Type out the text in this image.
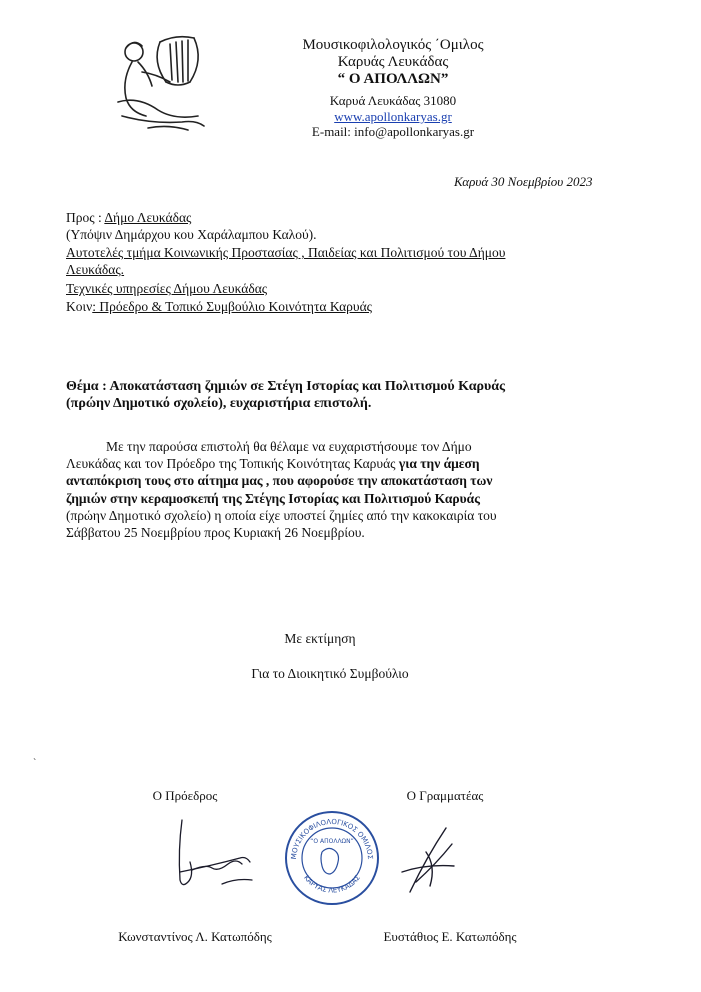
Μουσικοφιλολογικός ΄Ομιλος
Καρυάς Λευκάδας
“ Ο ΑΠΟΛΛΩΝ”
Καρυά Λευκάδας 31080
www.apollonkaryas.gr
E-mail: info@apollonkaryas.gr
Καρυά 30 Νοεμβρίου 2023
Προς : Δήμο Λευκάδας
(Υπόψιν Δημάρχου κου Χαράλαμπου Καλού).
Αυτοτελές τμήμα Κοινωνικής Προστασίας , Παιδείας και Πολιτισμού του Δήμου
Λευκάδας.
Τεχνικές υπηρεσίες Δήμου Λευκάδας
Κοιν: Πρόεδρο & Τοπικό Συμβούλιο Κοινότητα Καρυάς
Θέμα : Αποκατάσταση ζημιών σε Στέγη Ιστορίας και Πολιτισμού Καρυάς
(πρώην Δημοτικό σχολείο), ευχαριστήρια επιστολή.
Με την παρούσα επιστολή θα θέλαμε να ευχαριστήσουμε τον Δήμο
Λευκάδας και τον Πρόεδρο της Τοπικής Κοινότητας Καρυάς για την άμεση
ανταπόκριση τους στο αίτημα μας , που αφορούσε την αποκατάσταση των
ζημιών στην κεραμοσκεπή της Στέγης Ιστορίας και Πολιτισμού Καρυάς
(πρώην Δημοτικό σχολείο) η οποία είχε υποστεί ζημίες από την κακοκαιρία του
Σάββατου 25 Νοεμβρίου προς Κυριακή 26 Νοεμβρίου.
Με εκτίμηση
Για το Διοικητικό Συμβούλιο
`
Ο Πρόεδρος	Ο Γραμματέας
ΜΟΥΣΙΚΟΦΙΛΟΛΟΓΙΚΟΣ ΟΜΙΛΟΣ
ΚΑΡΥΑΣ ΛΕΥΚΑΔΑΣ
“Ο ΑΠΟΛΛΩΝ”
Κωνσταντίνος Λ. Κατωπόδης	Ευστάθιος Ε. Κατωπόδης
